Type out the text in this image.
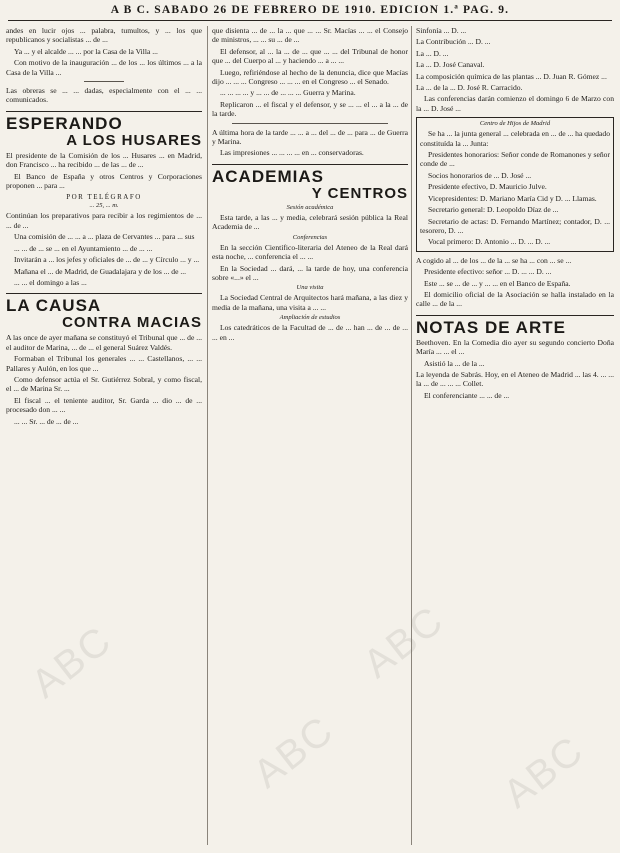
A B C. SABADO 26 DE FEBRERO DE 1910. EDICION 1.ª PAG. 9.

andes en lucir ojos ... palabra, tumultos, y ... los que republicanos y socialistas ... de ...

Ya ... y el alcalde ... ... por la Casa de la Villa ...

Con motivo de la inauguración ... de los ... los últimos ... a la Casa de la Villa ...

Las obreras se ... ... dadas, especialmente con el ... ... comunicados.

ESPERANDO
A LOS HUSARES

El presidente de la Comisión de los ... Husares ... en Madrid, don Francisco ... ha recibido ... de las ... de ...

El Banco de España y otros Centros y Corporaciones proponen ... para ...

POR TELÉGRAFO
... 25, ... m.

Continúan los preparativos para recibir a los regimientos de ... ... de ...

Una comisión de ... ... a ... plaza de Cervantes ... para ... sus

... ... de ... se ... en el Ayuntamiento ... de ... ...

Invitarán a ... los jefes y oficiales de ... de ... y Círculo ... y ...

Mañana el ... de Madrid, de Guadalajara y de los ... de ...

... ... el domingo a las ...

LA CAUSA
CONTRA MACIAS

A las once de ayer mañana se constituyó el Tribunal que ... de ... el auditor de Marina, ... de ... el general Suárez Valdés.

Formaban el Tribunal los generales ... ... Castellanos, ... ... Pallares y Aulón, en los que ...

Como defensor actúa el Sr. Gutiérrez Sobral, y como fiscal, el ... de Marina Sr. ...

El fiscal ... el teniente auditor, Sr. Garda ... dio ... de ... procesado don ... ...

... ... Sr. ... de ... de ...

que disienta ... de ... la ... que ... ... Sr. Macías ... ... el Consejo de ministros, ... ... su ... de ...

El defensor, al ... la ... de ... que ... ... del Tribunal de honor que ... del Cuerpo al ... y haciendo ... a ... ...

Luego, refiriéndose al hecho de la denuncia, dice que Macías dijo ... ... ... Congreso ... ... ... en el Congreso ... el Senado.

... ... ... ... y ... ... de ... ... ... Guerra y Marina.

Replicaron ... el fiscal y el defensor, y se ... ... el ... a la ... de la tarde.

A última hora de la tarde ... ... a ... del ... de ... para ... de Guerra y Marina.

Las impresiones ... ... ... ... en ... conservadoras.

ACADEMIAS
Y CENTROS
Sesión académica

Esta tarde, a las ... y media, celebrará sesión pública la Real Academia de ...

Conferencias

En la sección Científico-literaria del Ateneo de la Real dará esta noche, ... conferencia el ... ...

En la Sociedad ... dará, ... la tarde de hoy, una conferencia sobre «...» el ...

Una visita

La Sociedad Central de Arquitectos hará mañana, a las diez y media de la mañana, una visita a ... ...

Ampliación de estudios

Los catedráticos de la Facultad de ... de ... han ... de ... de ... ... en ...

Sinfonía ... D. ...

La Contribución ... D. ...

La ... D. ...

La ... D. José Canaval.

La composición química de las plantas ... D. Juan R. Gómez ...

La ... de la ... D. José R. Carracido.

Las conferencias darán comienzo el domingo 6 de Marzo con la ... D. José ...

Centro de Hijos de Madrid

Se ha ... la junta general ... celebrada en ... de ... ha quedado constituída la ... Junta:

Presidentes honorarios: Señor conde de Romanones y señor conde de ...

Socios honorarios de ... D. José ...

Presidente efectivo, D. Mauricio Julve.

Vicepresidentes: D. Mariano María Cid y D. ... Llamas.

Secretario general: D. Leopoldo Díaz de ...

Secretario de actas: D. Fernando Martínez; contador, D. ... tesorero, D. ...

Vocal primero: D. Antonio ... D. ... D. ...

A cogido al ... de los ... de la ... se ha ... con ... se ...

Presidente efectivo: señor ... D. ... ... D. ...

Este ... se ... de ... y ... ... en el Banco de España.

El domicilio oficial de la Asociación se halla instalado en la calle ... de la ...

NOTAS DE ARTE

Beethoven. En la Comedia dio ayer su segundo concierto Doña María ... ... el ...

Asistió la ... de la ...

La leyenda de Sabrás. Hoy, en el Ateneo de Madrid ... las 4. ... ... la ... de ... ... ... Collet.

El conferenciante ... ... de ...

ABC
ABC
ABC
ABC
